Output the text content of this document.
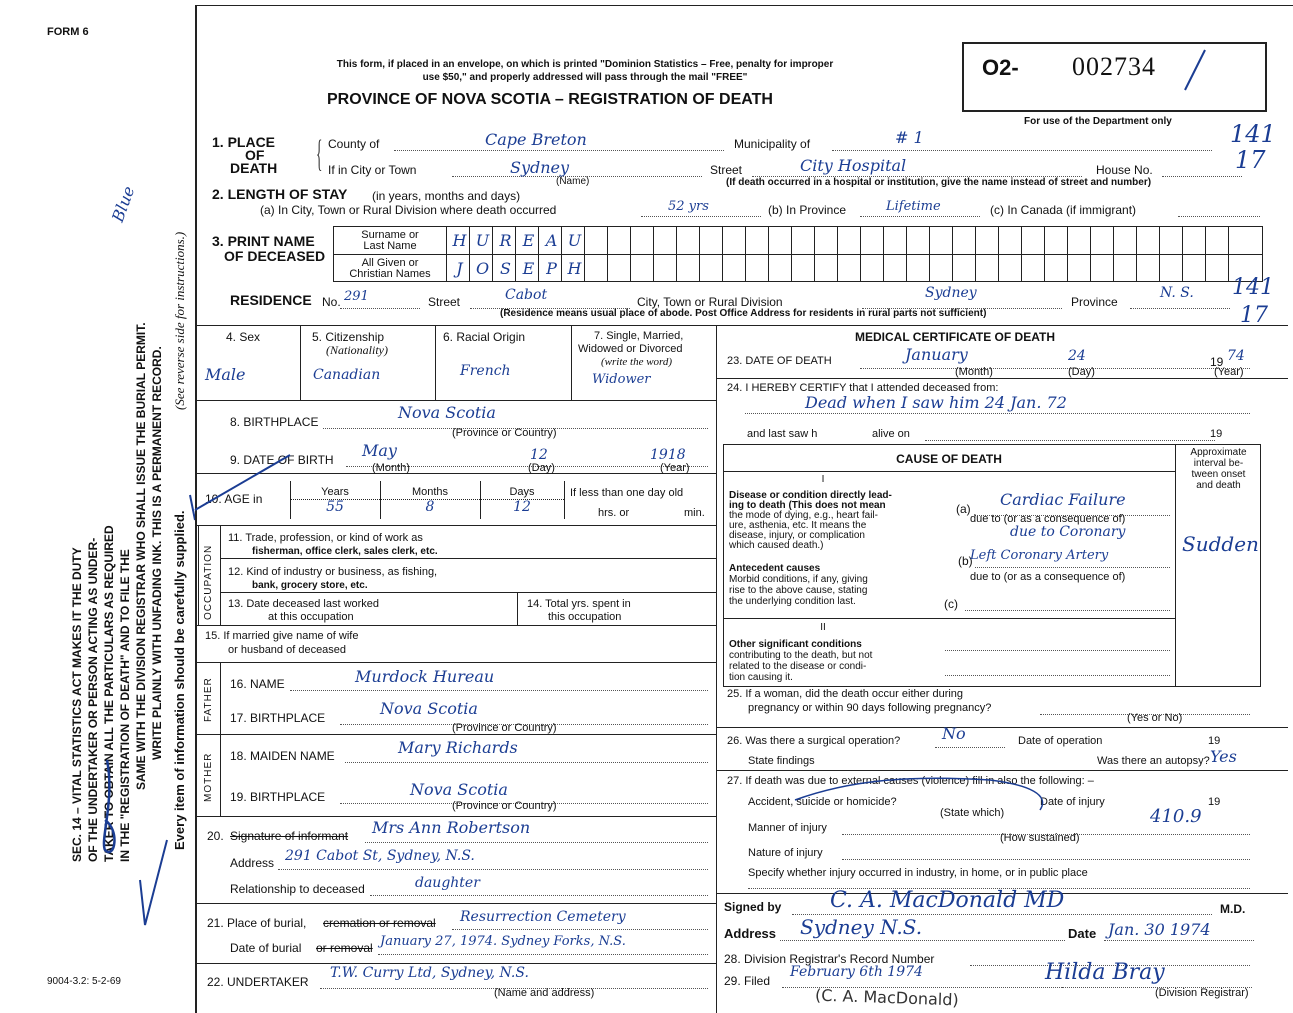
FORM 6
Blue
SEC. 14 – VITAL STATISTICS ACT MAKES IT THE DUTY OF THE UNDERTAKER OR PERSON ACTING AS UNDER- TAKER TO OBTAIN ALL THE PARTICULARS AS REQUIRED IN THE "REGISTRATION OF DEATH" AND TO FILE THE SAME WITH THE DIVISION REGISTRAR WHO SHALL ISSUE THE BURIAL PERMIT. WRITE PLAINLY WITH UNFADING INK. THIS IS A PERMANENT RECORD. Every item of information should be carefully supplied.
(See reverse side for instructions.)
9004-3.2: 5-2-69
This form, if placed in an envelope, on which is printed "Dominion Statistics – Free, penalty for improper
use $50," and properly addressed will pass through the mail "FREE"
PROVINCE OF NOVA SCOTIA – REGISTRATION OF DEATH
O2- 002734
For use of the Department only
1. PLACE
OF
DEATH { County of	Cape Breton	Municipality of	# 1	141
If in City or Town	Sydney
(Name)
Street	City Hospital	House No.	17
(If death occurred in a hospital or institution, give the name instead of street and number)
2. LENGTH OF STAY (in years, months and days)
(a) In City, Town or Rural Division where death occurred	52 yrs	(b) In Province	Lifetime	(c) In Canada (if immigrant)
3. PRINT NAME
OF DECEASED
Surname or
Last Name
All Given or
Christian Names
H U R E A U
J O S E P H
RESIDENCE No. 291	Street	Cabot	City, Town or Rural Division
Sydney
Province
N. S. 141
17
(Residence means usual place of abode. Post Office Address for residents in rural parts not sufficient)
4. Sex
Male
5. Citizenship
(Nationality)
Canadian
6. Racial Origin
French
7. Single, Married,
Widowed or Divorced
(write the word)
Widower
8. BIRTHPLACE	Nova Scotia
(Province or Country)
9. DATE OF BIRTH May	12	1918
(Month)	(Day)	(Year)
10. AGE in	Years	Months	Days
55	8	12
If less than one day old
hrs. or	min.
OCCUPATION
11. Trade, profession, or kind of work as
fisherman, office clerk, sales clerk, etc.
12. Kind of industry or business, as fishing,
bank, grocery store, etc.
13. Date deceased last worked
at this occupation
14. Total yrs. spent in
this occupation
15. If married give name of wife
or husband of deceased
FATHER 16. NAME	Murdock Hureau
17. BIRTHPLACE	Nova Scotia
(Province or Country)
MOTHER 18. MAIDEN NAME	Mary Richards
19. BIRTHPLACE	Nova Scotia
(Province or Country)
20. Signature of informant Mrs Ann Robertson
Address 291 Cabot St, Sydney, N.S.
Relationship to deceased	daughter
21. Place of burial, cremation or removal Resurrection Cemetery
Date of burial or removal January 27, 1974. Sydney Forks, N.S.
22. UNDERTAKER
T.W. Curry Ltd, Sydney, N.S.
(Name and address)
MEDICAL CERTIFICATE OF DEATH
23. DATE OF DEATH	January	24	19 74
(Month)	(Day)	(Year)
24. I HEREBY CERTIFY that I attended deceased from:
Dead when I saw him 24 Jan. 72
and last saw h	alive on	19
CAUSE OF DEATH	Approximate
interval be-
tween onset
and death
I
Disease or condition directly lead-
ing to death (This does not mean
the mode of dying, e.g., heart fail-
ure, asthenia, etc. It means the
disease, injury, or complication
which caused death.)
(a) Cardiac Failure
due to (or as a consequence of)
due to Coronary
(b)
Left Coronary Artery
due to (or as a consequence of)
(c)
Sudden
Antecedent causes
Morbid conditions, if any, giving
rise to the above cause, stating
the underlying condition last.
II
Other significant conditions
contributing to the death, but not
related to the disease or condi-
tion causing it.
25. If a woman, did the death occur either during
pregnancy or within 90 days following pregnancy?
(Yes or No)
26. Was there a surgical operation?	No	Date of operation	19
State findings	Was there an autopsy? Yes
27. If death was due to external causes (violence) fill in also the following: –
Accident, suicide or homicide?
(State which)
Date of injury	19
410.9
Manner of injury
(How sustained)
Nature of injury
Specify whether injury occurred in industry, in home, or in public place
Signed by C. A. MacDonald MD	M.D.
Address Sydney N.S.	Date Jan. 30 1974
28. Division Registrar's Record Number
29. Filed
February 6th 1974	Hilda Bray
(Division Registrar)
(C. A. MacDonald)
